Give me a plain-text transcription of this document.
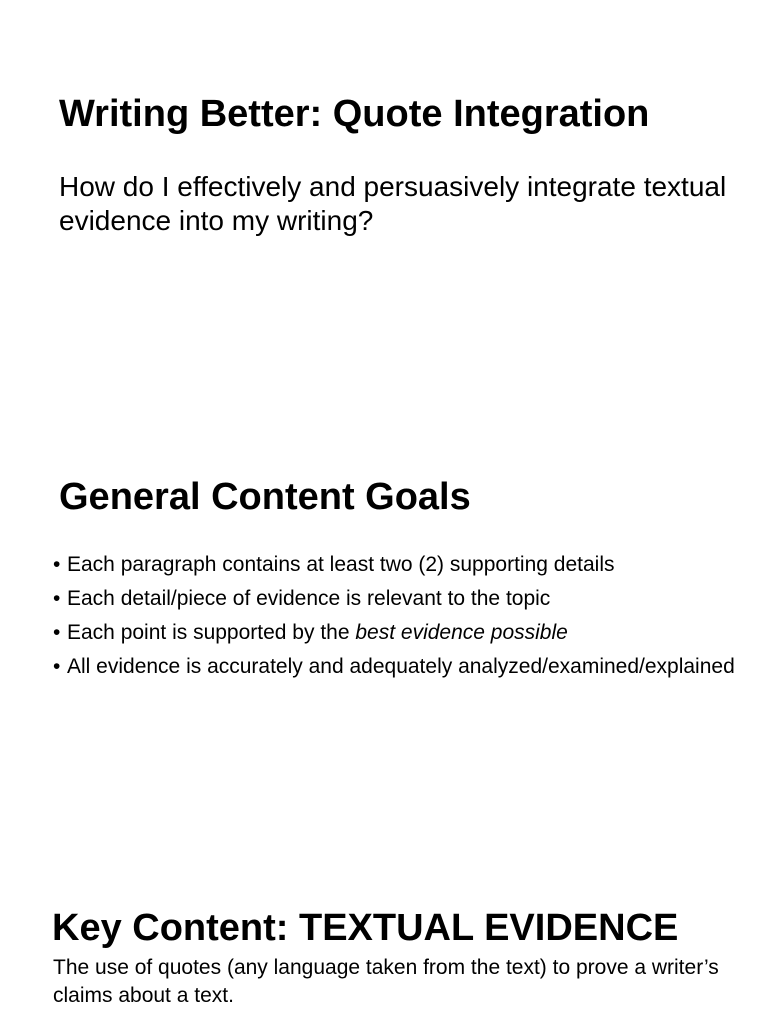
Writing Better: Quote Integration

How do I effectively and persuasively integrate textual evidence into my writing?

General Content Goals
• Each paragraph contains at least two (2) supporting details
• Each detail/piece of evidence is relevant to the topic
• Each point is supported by the best evidence possible
• All evidence is accurately and adequately analyzed/examined/explained
Key Content: TEXTUAL EVIDENCE

The use of quotes (any language taken from the text) to prove a writer’s claims about a text.
